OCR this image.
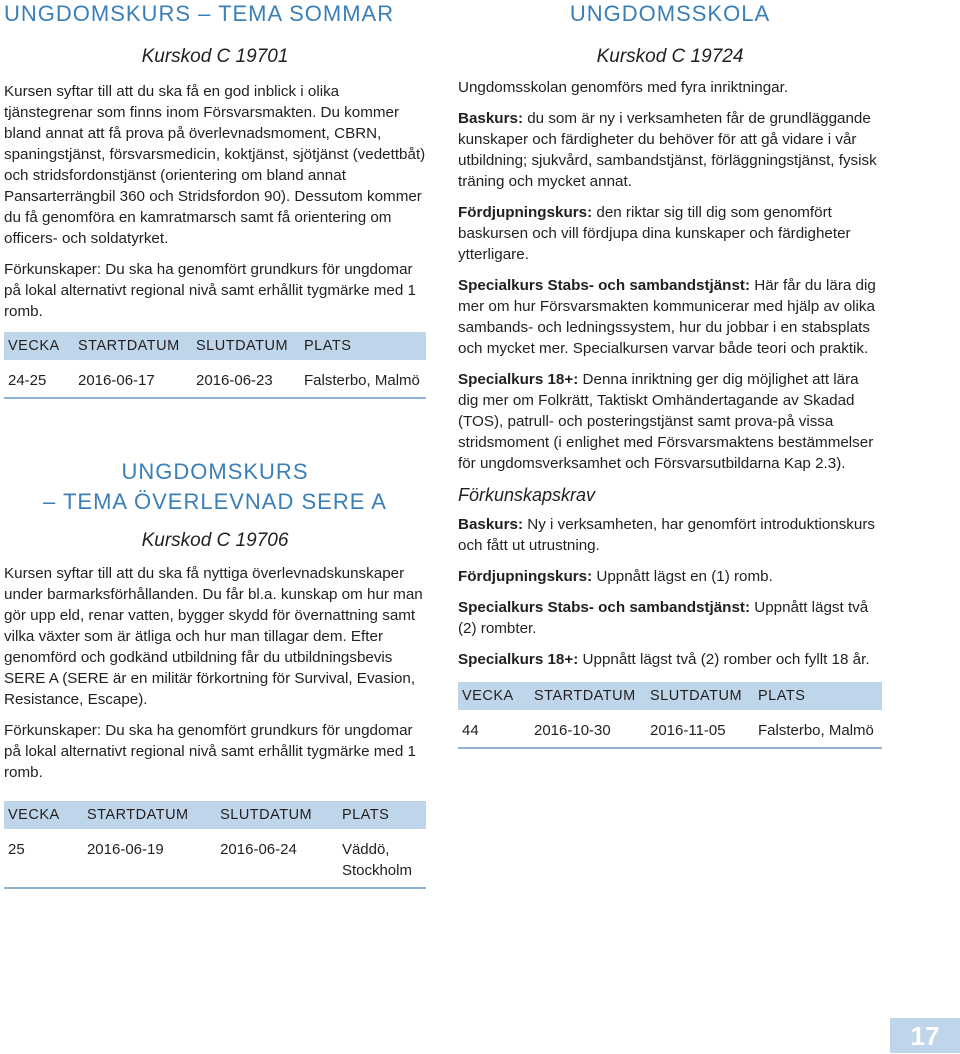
UNGDOMSKURS – TEMA SOMMAR

Kurskod C 19701

Kursen syftar till att du ska få en god inblick i olika tjänstegrenar som finns inom Försvarsmakten. Du kommer bland annat att få prova på överlevnadsmoment, CBRN, spaningstjänst, försvarsmedicin, koktjänst, sjötjänst (vedettbåt) och stridsfordonstjänst (orientering om bland annat Pansarterrängbil 360 och Stridsfordon 90). Dessutom kommer du få genomföra en kamratmarsch samt få orientering om officers- och soldatyrket.

Förkunskaper: Du ska ha genomfört grundkurs för ungdomar på lokal alternativt regional nivå samt erhållit tygmärke med 1 romb.

VECKA	STARTDATUM	SLUTDATUM	PLATS
24-25	2016-06-17	2016-06-23	Falsterbo, Malmö
UNGDOMSKURS
– TEMA ÖVERLEVNAD SERE A

Kurskod C 19706

Kursen syftar till att du ska få nyttiga överlevnadskunskaper under barmarksförhållanden. Du får bl.a. kunskap om hur man gör upp eld, renar vatten, bygger skydd för övernattning samt vilka växter som är ätliga och hur man tillagar dem. Efter genomförd och godkänd utbildning får du utbildningsbevis SERE A (SERE är en militär förkortning för Survival, Evasion, Resistance, Escape).

Förkunskaper: Du ska ha genomfört grundkurs för ungdomar på lokal alternativt regional nivå samt erhållit tygmärke med 1 romb.

VECKA	STARTDATUM	SLUTDATUM	PLATS
25	2016-06-19	2016-06-24	Väddö, Stockholm
UNGDOMSSKOLA

Kurskod C 19724

Ungdomsskolan genomförs med fyra inriktningar.

Baskurs: du som är ny i verksamheten får de grundläggande kunskaper och färdigheter du behöver för att gå vidare i vår utbildning; sjukvård, sambandstjänst, förläggningstjänst, fysisk träning och mycket annat.

Fördjupningskurs: den riktar sig till dig som genomfört baskursen och vill fördjupa dina kunskaper och färdigheter ytterligare.

Specialkurs Stabs- och sambandstjänst: Här får du lära dig mer om hur Försvarsmakten kommunicerar med hjälp av olika sambands- och ledningssystem, hur du jobbar i en stabsplats och mycket mer. Specialkursen varvar både teori och praktik.

Specialkurs 18+: Denna inriktning ger dig möjlighet att lära dig mer om Folkrätt, Taktiskt Omhändertagande av Skadad (TOS), patrull- och posteringstjänst samt prova-på vissa stridsmoment (i enlighet med Försvarsmaktens bestämmelser för ungdomsverksamhet och Försvarsutbildarna Kap 2.3).

Förkunskapskrav

Baskurs: Ny i verksamheten, har genomfört introduktionskurs och fått ut utrustning.

Fördjupningskurs: Uppnått lägst en (1) romb.

Specialkurs Stabs- och sambandstjänst: Uppnått lägst två (2) rombter.

Specialkurs 18+: Uppnått lägst två (2) romber och fyllt 18 år.

VECKA	STARTDATUM	SLUTDATUM	PLATS
44	2016-10-30	2016-11-05	Falsterbo, Malmö
17
